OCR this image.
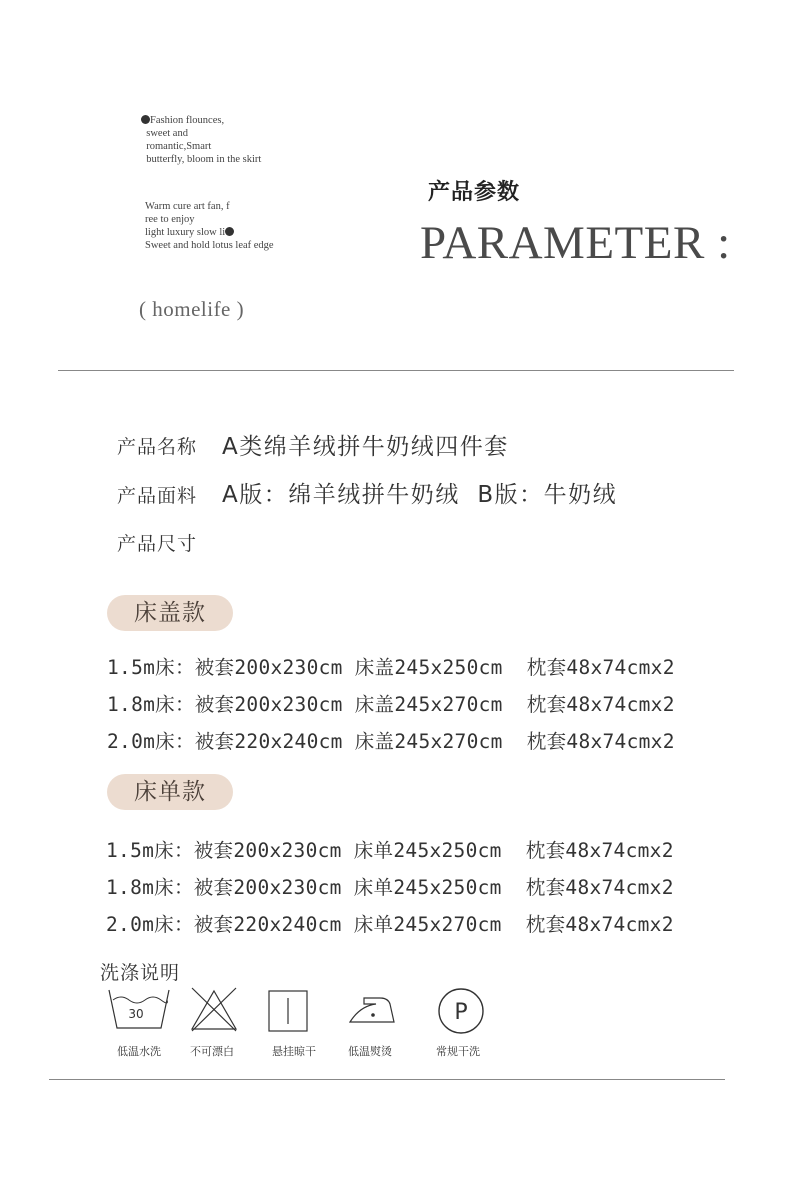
Fashion flounces,
sweet and
romantic,Smart
butterfly, bloom in the skirt
Warm cure art fan, f
ree to enjoy
light luxury slow li
Sweet and hold lotus leaf edge
( homelife )
产品参数
PARAMETER :
产品名称 A类绵羊绒拼牛奶绒四件套
产品面料 A版：绵羊绒拼牛奶绒  B版：牛奶绒
产品尺寸
床盖款
1.5m床：被套200x230cm 床盖245x250cm  枕套48x74cmx2
1.8m床：被套200x230cm 床盖245x270cm  枕套48x74cmx2
2.0m床：被套220x240cm 床盖245x270cm  枕套48x74cmx2
床单款
1.5m床：被套200x230cm 床单245x250cm  枕套48x74cmx2
1.8m床：被套200x230cm 床单245x250cm  枕套48x74cmx2
2.0m床：被套220x240cm 床单245x270cm  枕套48x74cmx2
洗涤说明
30
低温水洗	不可漂白	悬挂晾干	低温熨烫
P
常规干洗
